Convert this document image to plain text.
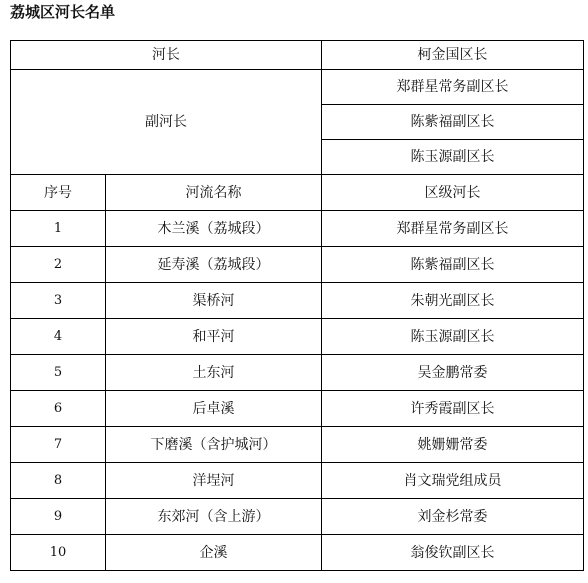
荔城区河长名单
河长		柯金国区长
副河长		郑群星常务副区长
		陈紫福副区长
		陈玉源副区长
序号	河流名称	区级河长
1	木兰溪（荔城段）	郑群星常务副区长
2	延寿溪（荔城段）	陈紫福副区长
3	渠桥河	朱朝光副区长
4	和平河	陈玉源副区长
5	土东河	吴金鹏常委
6	后卓溪	许秀霞副区长
7	下磨溪（含护城河）	姚姗姗常委
8	洋埕河	肖文瑞党组成员
9	东郊河（含上游）	刘金杉常委
10	企溪	翁俊钦副区长
